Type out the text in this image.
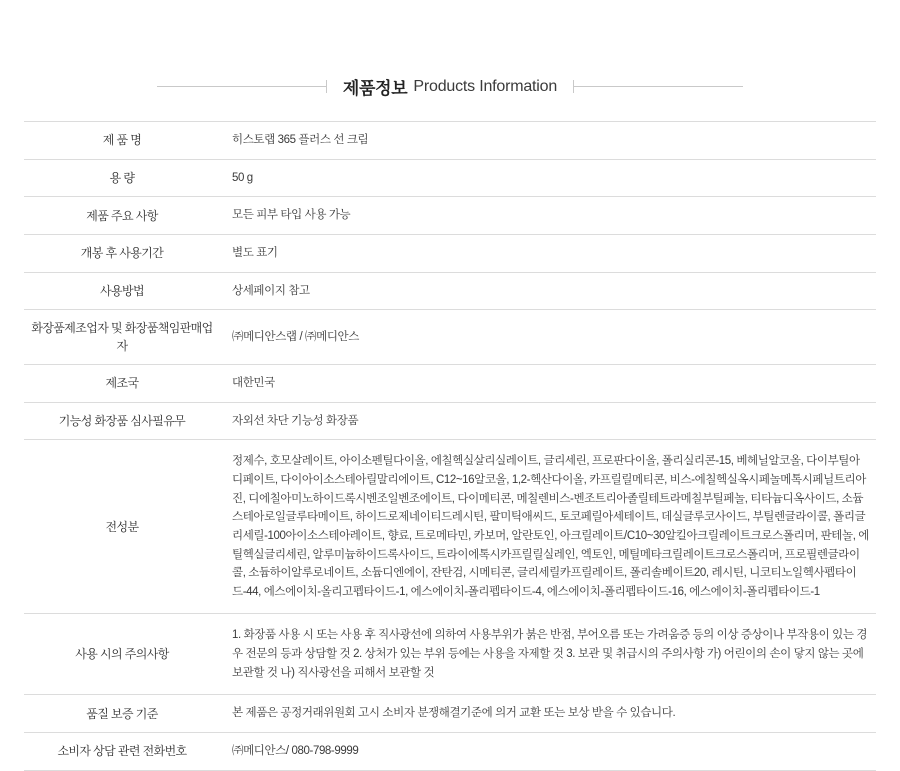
제품정보 Products Information
제 품 명	히스토랩 365 플러스 선 크림
용 량	50 g
제품 주요 사항	모든 피부 타입 사용 가능
개봉 후 사용기간	별도 표기
사용방법	상세페이지 참고
화장품제조업자 및 화장품책임판매업자	㈜메디안스랩 / ㈜메디안스
제조국	대한민국
기능성 화장품 심사필유무	자외선 차단 기능성 화장품
전성분	정제수, 호모살레이트, 아이소펜틸다이올, 에칠헥실살리실레이트, 글리세린, 프로판다이올, 폴리실리콘-15, 베헤닐알코올, 다이부틸아디페이트, 다이아이소스테아릴말리에이트, C12~16알코올, 1,2-헥산다이올, 카프릴릴메티콘, 비스-에칠헥실옥시페놀메톡시페닐트리아진, 디에칠아미노하이드록시벤조일벤조에이트, 다이메티콘, 메칠렌비스-벤조트리아졸릴테트라메칠부틸페놀, 티타늄디옥사이드, 소듐스테아로일글루타메이트, 하이드로제네이티드레시틴, 팔미틱애씨드, 토코페릴아세테이트, 데실글루코사이드, 부틸렌글라이콜, 폴리글리세릴-100아이소스테아레이트, 향료, 트로메타민, 카보머, 알란토인, 아크릴레이트/C10~30알킬아크릴레이트크로스폴리머, 판테놀, 에틸헥실글리세린, 알루미늄하이드록사이드, 트라이에톡시카프릴릴실레인, 엑토인, 메틸메타크릴레이트크로스폴리머, 프로필렌글라이콜, 소듐하이알루로네이트, 소듐디엔에이, 잔탄검, 시메티콘, 글리세릴카프릴레이트, 폴리솔베이트20, 레시틴, 니코티노일헥사펩타이드-44, 에스에이치-올리고펩타이드-1, 에스에이치-폴리펩타이드-4, 에스에이치-폴리펩타이드-16, 에스에이치-폴리펩타이드-1
사용 시의 주의사항	1. 화장품 사용 시 또는 사용 후 직사광선에 의하여 사용부위가 붉은 반점, 부어오름 또는 가려움증 등의 이상 증상이나 부작용이 있는 경우 전문의 등과 상담할 것 2. 상처가 있는 부위 등에는 사용을 자제할 것 3. 보관 및 취급시의 주의사항 가) 어린이의 손이 닿지 않는 곳에 보관할 것 나) 직사광선을 피해서 보관할 것
품질 보증 기준	본 제품은 공정거래위원회 고시 소비자 분쟁해결기준에 의거 교환 또는 보상 받을 수 있습니다.
소비자 상담 관련 전화번호	㈜메디안스/ 080-798-9999
